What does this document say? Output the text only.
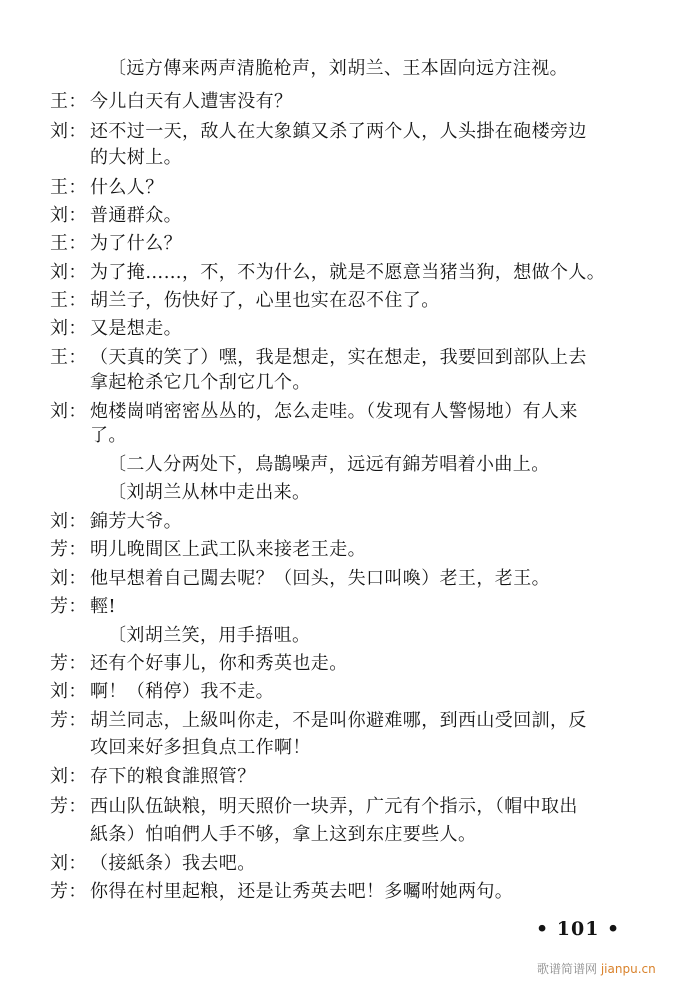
〔远方傳来两声清脆枪声，刘胡兰、王本固向远方注视。
王： 今儿白天有人遭害没有？
刘： 还不过一天，敌人在大象鎮又杀了两个人，人头掛在砲楼旁边
的大树上。
王： 什么人？
刘： 普通群众。
王： 为了什么？
刘： 为了掩……，不，不为什么，就是不愿意当猪当狗，想做个人。
王： 胡兰子，伤快好了，心里也实在忍不住了。
刘： 又是想走。
王： （天真的笑了）嘿，我是想走，实在想走，我要回到部队上去
拿起枪杀它几个刮它几个。
刘： 炮楼崗哨密密丛丛的，怎么走哇。（发现有人警惕地）有人来
了。
〔二人分两处下，鳥鵲噪声，远远有錦芳唱着小曲上。
〔刘胡兰从林中走出来。
刘： 錦芳大爷。
芳： 明儿晚間区上武工队来接老王走。
刘： 他早想着自己闖去呢？（回头，失口叫喚）老王，老王。
芳： 輕!
〔刘胡兰笑，用手捂咀。
芳： 还有个好事儿，你和秀英也走。
刘： 啊！（稍停）我不走。
芳： 胡兰同志，上級叫你走，不是叫你避难哪，到西山受回訓，反
攻回来好多担負点工作啊！
刘： 存下的粮食誰照管？
芳： 西山队伍缺粮，明天照价一块弄，广元有个指示，（帽中取出
紙条）怕咱們人手不够，拿上这到东庄要些人。
刘： （接紙条）我去吧。
芳： 你得在村里起粮，还是让秀英去吧！多囑咐她两句。
• 101 •
歌谱简谱网 jianpu.cn
